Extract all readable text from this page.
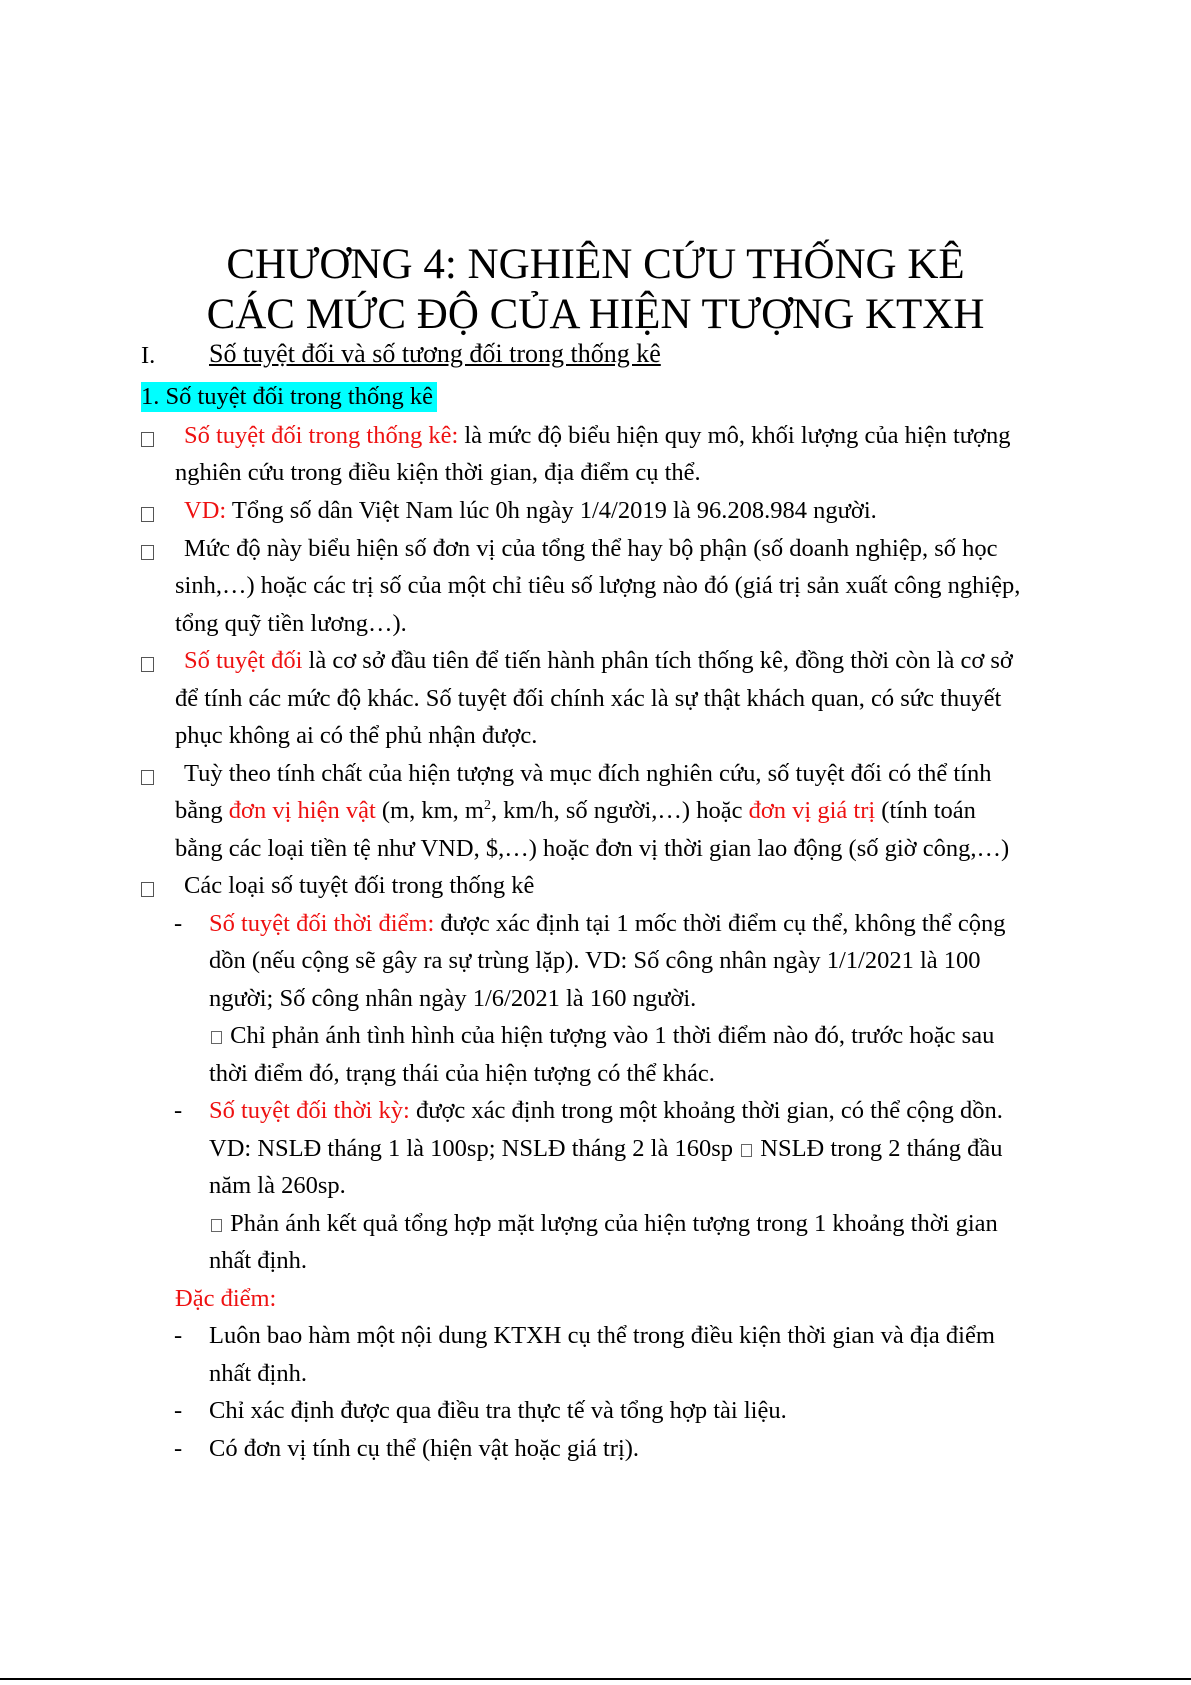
CHƯƠNG 4: NGHIÊN CỨU THỐNG KÊ
CÁC MỨC ĐỘ CỦA HIỆN TƯỢNG KTXH
I. Số tuyệt đối và số tương đối trong thống kê
1. Số tuyệt đối trong thống kê
Số tuyệt đối trong thống kê: là mức độ biểu hiện quy mô, khối lượng của hiện tượng
nghiên cứu trong điều kiện thời gian, địa điểm cụ thể.
VD: Tổng số dân Việt Nam lúc 0h ngày 1/4/2019 là 96.208.984 người.
Mức độ này biểu hiện số đơn vị của tổng thể hay bộ phận (số doanh nghiệp, số học
sinh,…) hoặc các trị số của một chỉ tiêu số lượng nào đó (giá trị sản xuất công nghiệp,
tổng quỹ tiền lương…).
Số tuyệt đối là cơ sở đầu tiên để tiến hành phân tích thống kê, đồng thời còn là cơ sở
để tính các mức độ khác. Số tuyệt đối chính xác là sự thật khách quan, có sức thuyết
phục không ai có thể phủ nhận được.
Tuỳ theo tính chất của hiện tượng và mục đích nghiên cứu, số tuyệt đối có thể tính
bằng đơn vị hiện vật (m, km, $m^2$, km/h, số người,…) hoặc đơn vị giá trị (tính toán
bằng các loại tiền tệ như VND, $,…) hoặc đơn vị thời gian lao động (số giờ công,…)
Các loại số tuyệt đối trong thống kê
- Số tuyệt đối thời điểm: được xác định tại 1 mốc thời điểm cụ thể, không thể cộng
dồn (nếu cộng sẽ gây ra sự trùng lặp). VD: Số công nhân ngày 1/1/2021 là 100
người; Số công nhân ngày 1/6/2021 là 160 người.
Chỉ phản ánh tình hình của hiện tượng vào 1 thời điểm nào đó, trước hoặc sau
thời điểm đó, trạng thái của hiện tượng có thể khác.
- Số tuyệt đối thời kỳ: được xác định trong một khoảng thời gian, có thể cộng dồn.
VD: NSLĐ tháng 1 là 100sp; NSLĐ tháng 2 là 160sp NSLĐ trong 2 tháng đầu
năm là 260sp.
Phản ánh kết quả tổng hợp mặt lượng của hiện tượng trong 1 khoảng thời gian
nhất định.
Đặc điểm:
- Luôn bao hàm một nội dung KTXH cụ thể trong điều kiện thời gian và địa điểm
nhất định.
- Chỉ xác định được qua điều tra thực tế và tổng hợp tài liệu.
- Có đơn vị tính cụ thể (hiện vật hoặc giá trị).
